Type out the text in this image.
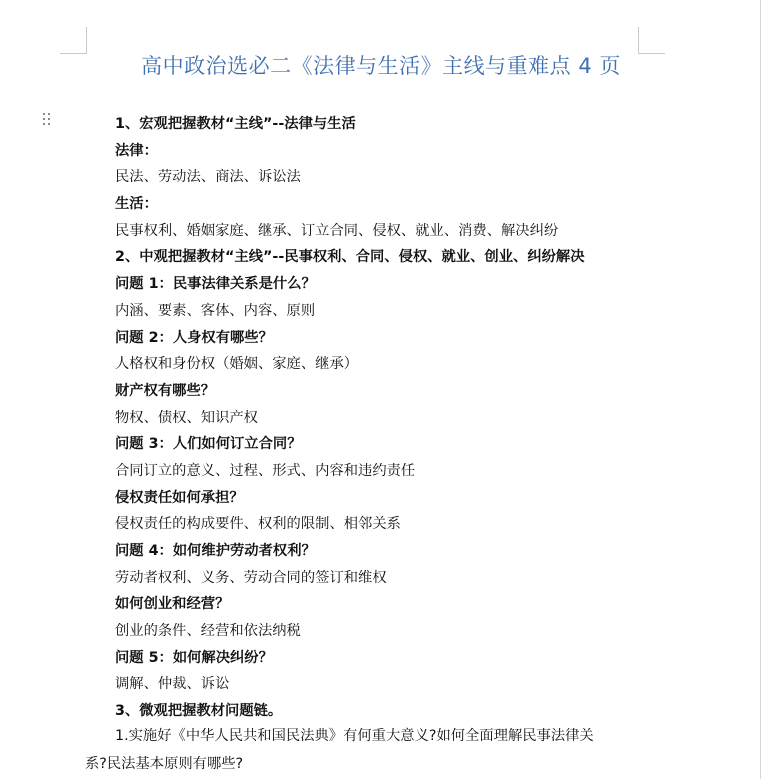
高中政治选必二《法律与生活》主线与重难点 4 页
1、宏观把握教材“主线”--法律与生活
法律：
民法、劳动法、商法、诉讼法
生活：
民事权利、婚姻家庭、继承、订立合同、侵权、就业、消费、解决纠纷
2、中观把握教材“主线”--民事权利、合同、侵权、就业、创业、纠纷解决
问题 1：民事法律关系是什么？
内涵、要素、客体、内容、原则
问题 2：人身权有哪些？
人格权和身份权（婚姻、家庭、继承）
财产权有哪些？
物权、债权、知识产权
问题 3：人们如何订立合同？
合同订立的意义、过程、形式、内容和违约责任
侵权责任如何承担？
侵权责任的构成要件、权利的限制、相邻关系
问题 4：如何维护劳动者权利？
劳动者权利、义务、劳动合同的签订和维权
如何创业和经营？
创业的条件、经营和依法纳税
问题 5：如何解决纠纷？
调解、仲裁、诉讼
3、微观把握教材问题链。
1.实施好《中华人民共和国民法典》有何重大意义?如何全面理解民事法律关
系?民法基本原则有哪些?
